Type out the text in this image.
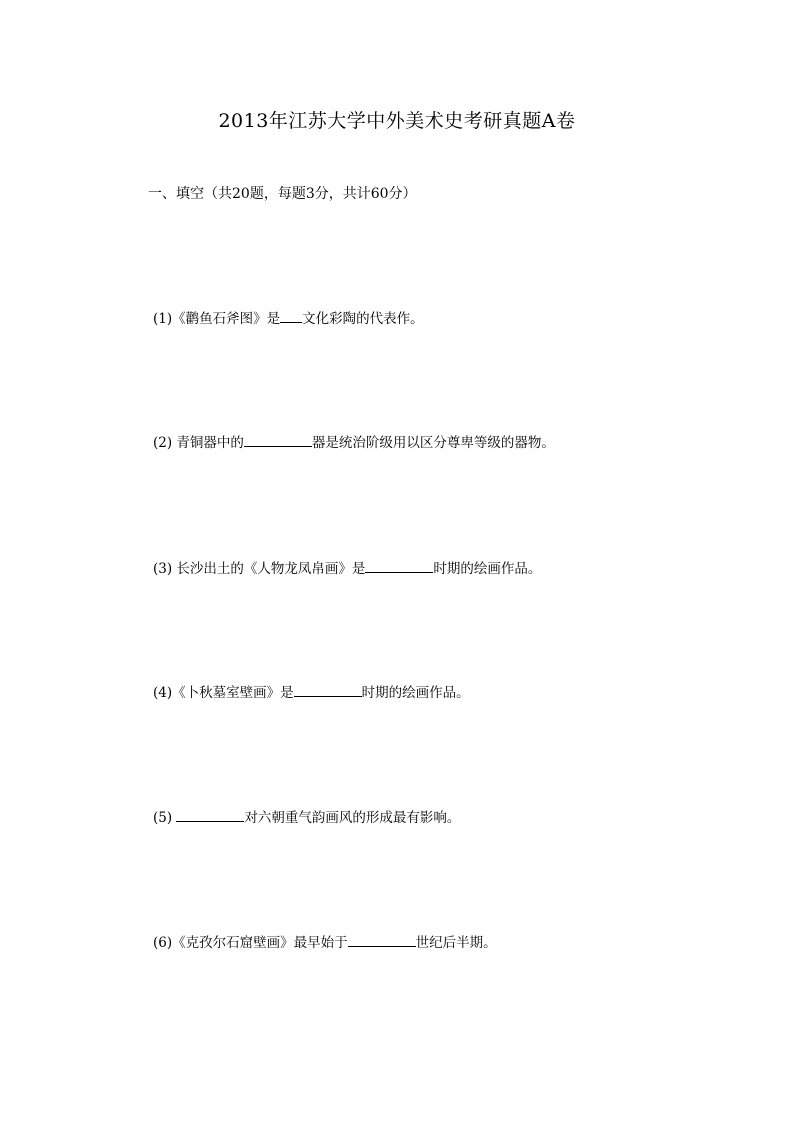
2013年江苏大学中外美术史考研真题A卷

一、填空（共20题，每题3分，共计60分）

(1)《鹳鱼石斧图》是 文化彩陶的代表作。

(2) 青铜器中的	器是统治阶级用以区分尊卑等级的器物。

(3) 长沙出土的《人物龙凤帛画》是	时期的绘画作品。

(4)《卜秋墓室壁画》是	时期的绘画作品。

(5)	对六朝重气韵画风的形成最有影响。

(6)《克孜尔石窟壁画》最早始于	世纪后半期。
